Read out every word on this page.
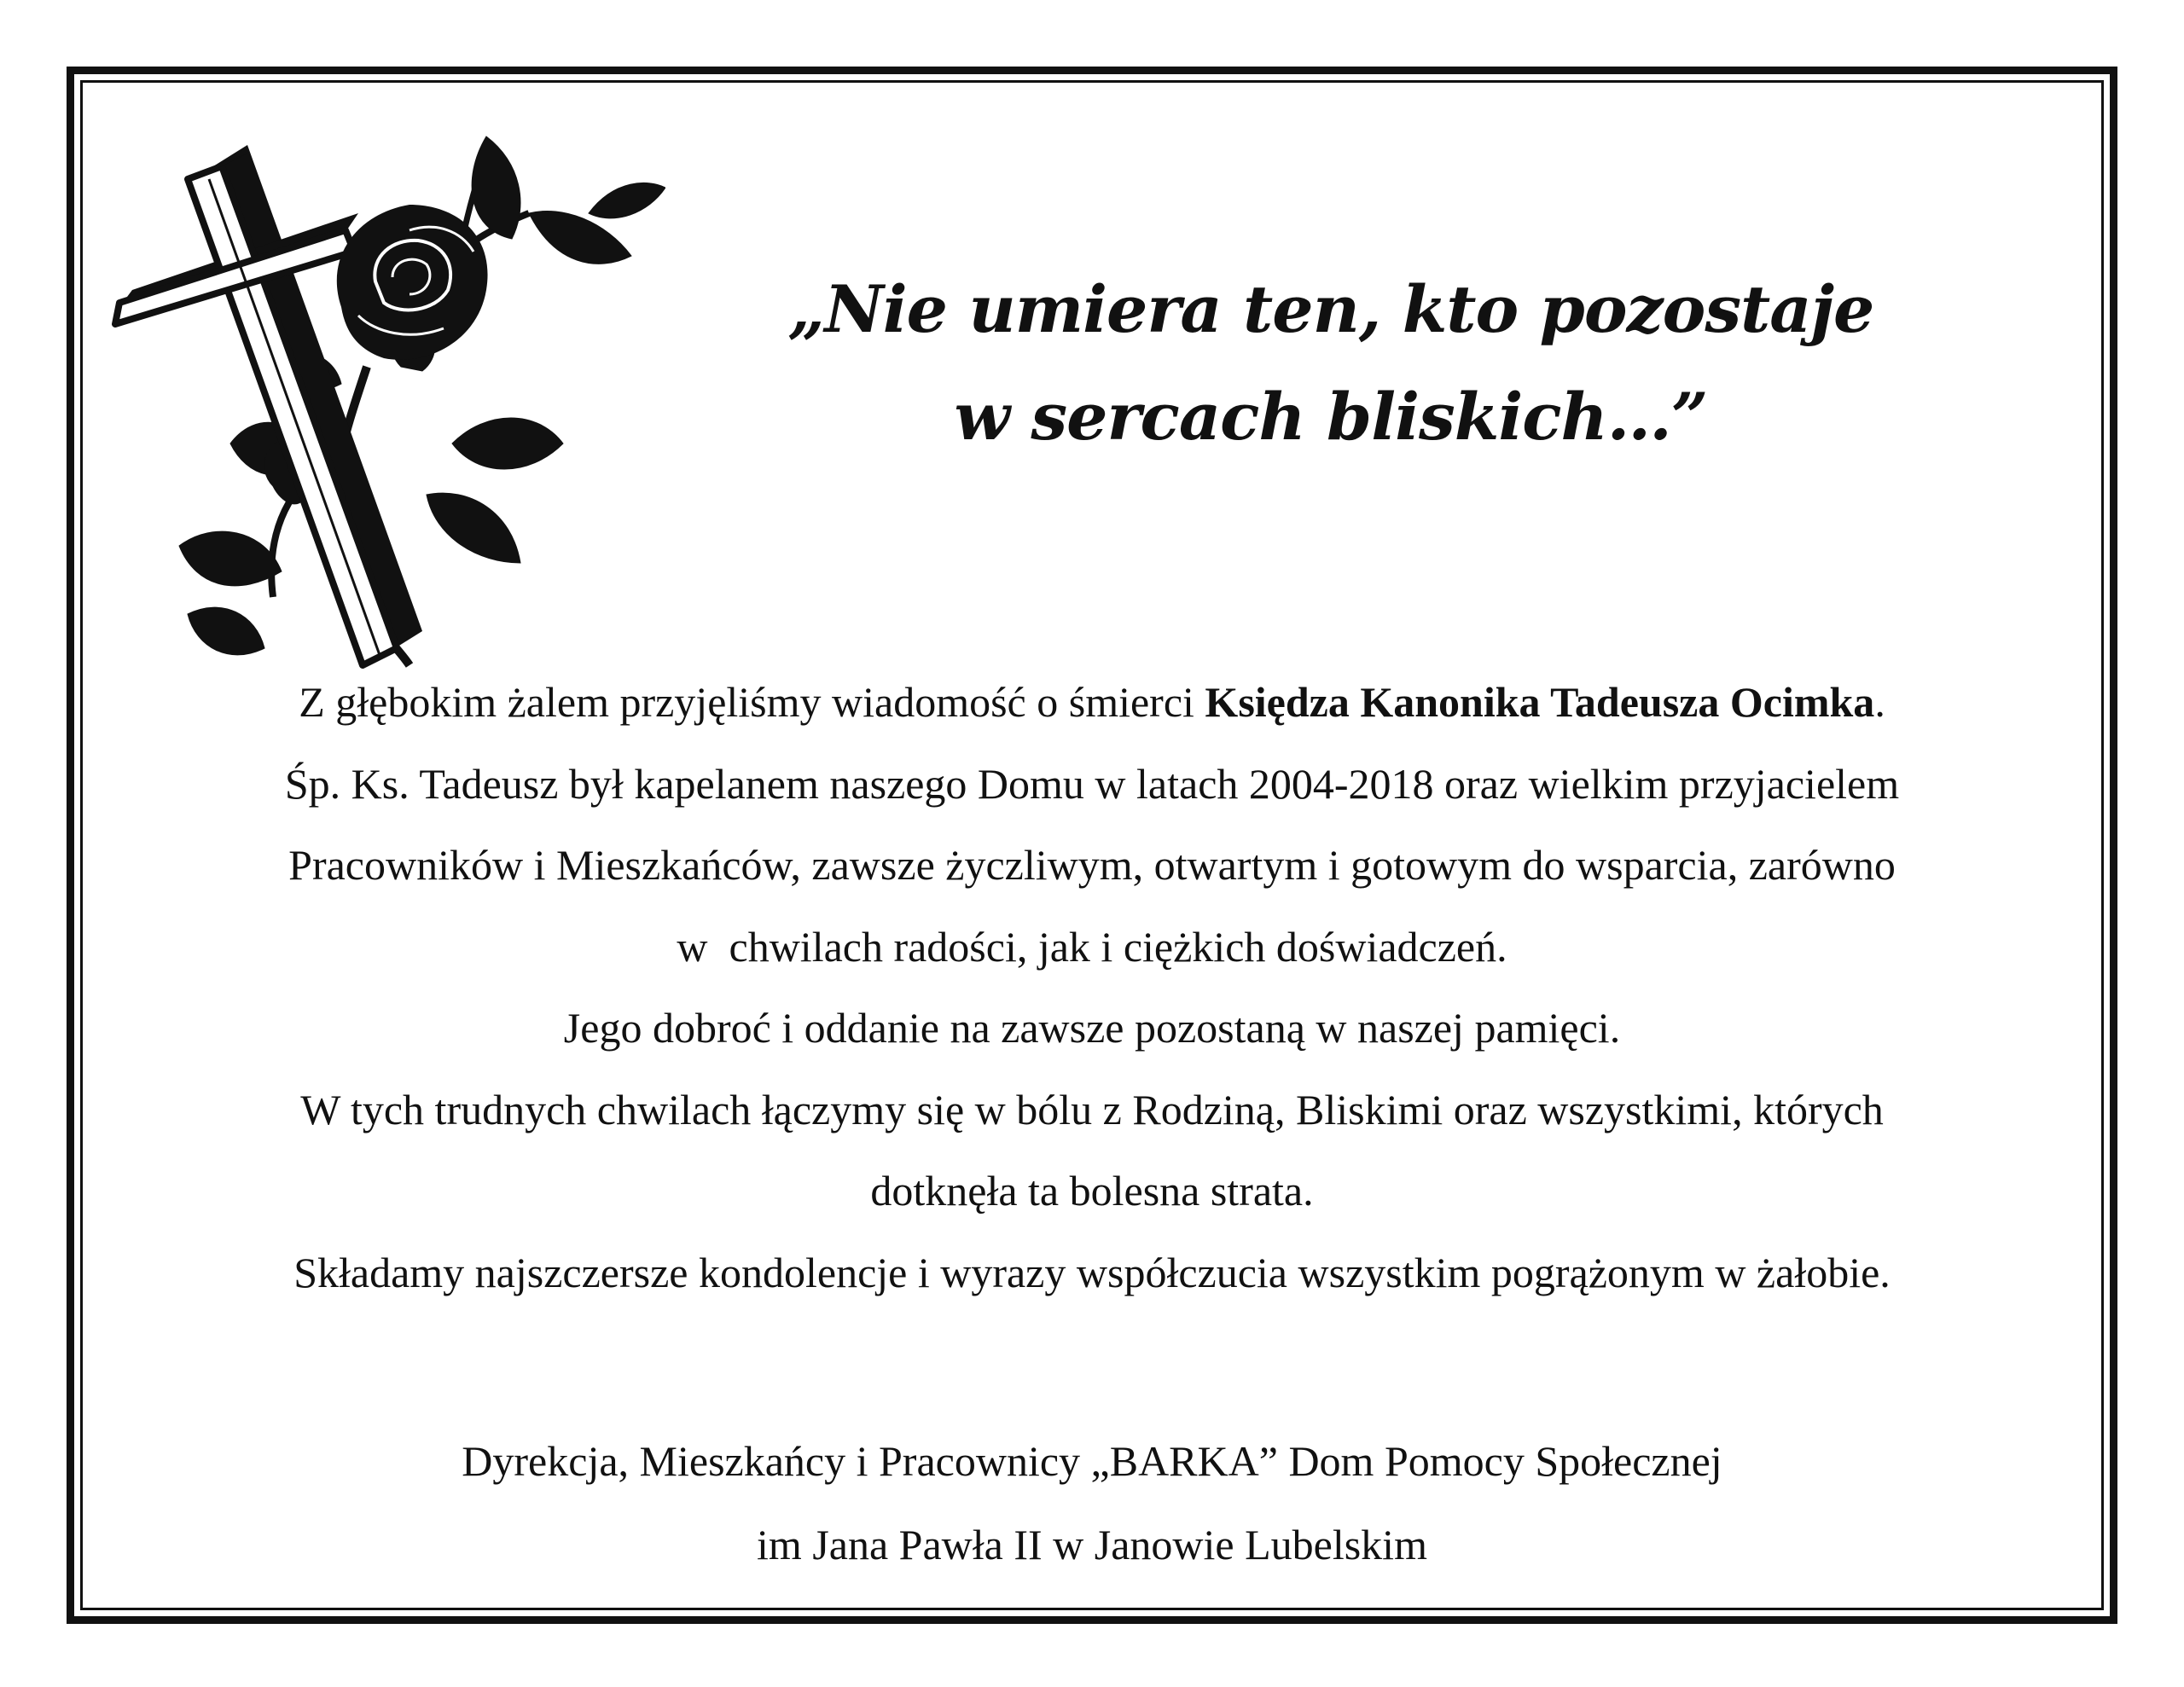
„Nie umiera ten, kto pozostaje
w sercach bliskich…”
Z głębokim żalem przyjęliśmy wiadomość o śmierci Księdza Kanonika Tadeusza Ocimka.
Śp. Ks. Tadeusz był kapelanem naszego Domu w latach 2004-2018 oraz wielkim przyjacielem
Pracowników i Mieszkańców, zawsze życzliwym, otwartym i gotowym do wsparcia, zarówno
w  chwilach radości, jak i ciężkich doświadczeń.
Jego dobroć i oddanie na zawsze pozostaną w naszej pamięci.
W tych trudnych chwilach łączymy się w bólu z Rodziną, Bliskimi oraz wszystkimi, których
dotknęła ta bolesna strata.
Składamy najszczersze kondolencje i wyrazy współczucia wszystkim pogrążonym w żałobie.
Dyrekcja, Mieszkańcy i Pracownicy „BARKA” Dom Pomocy Społecznej
im Jana Pawła II w Janowie Lubelskim
